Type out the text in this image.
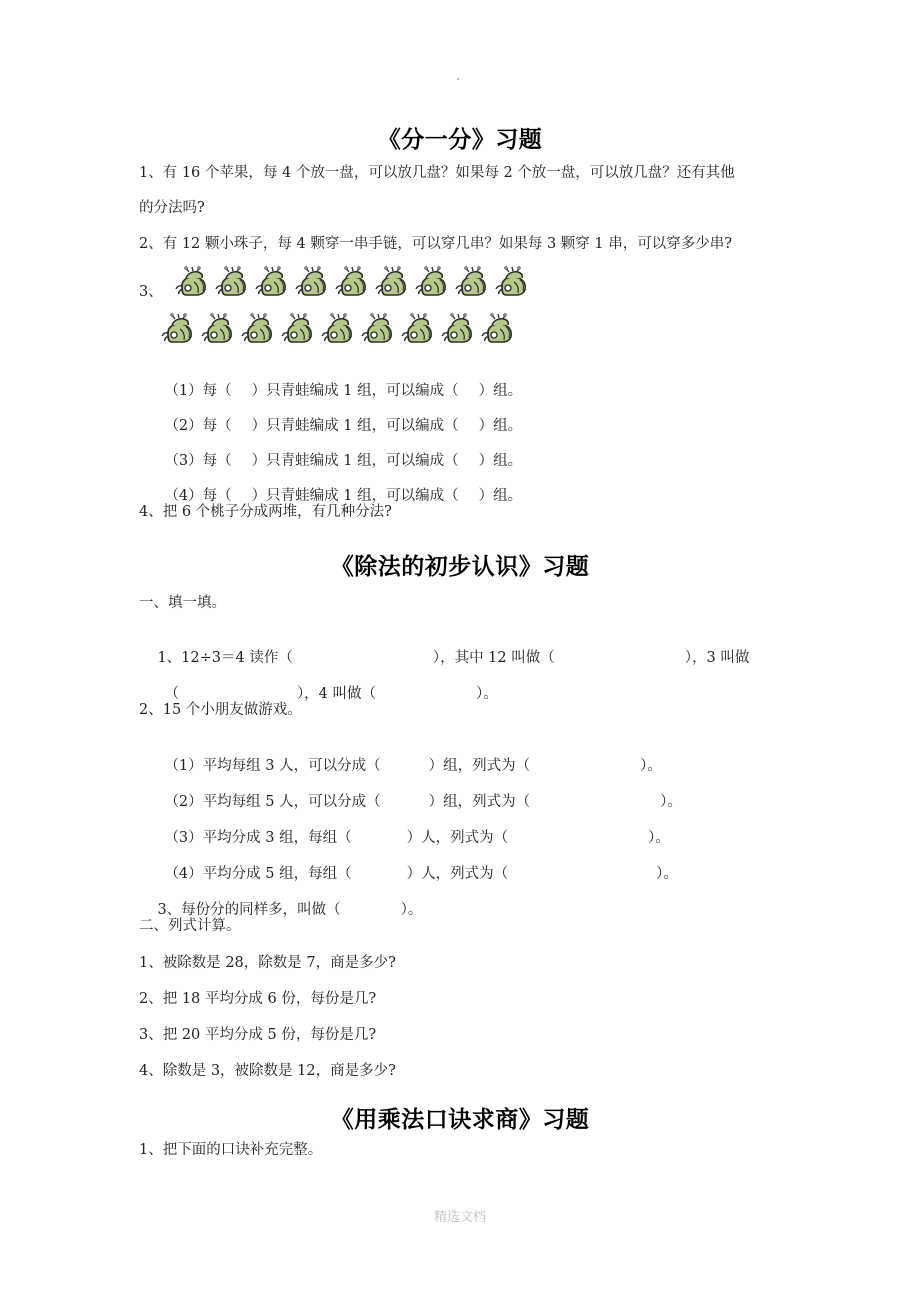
《分一分》习题
1、有 16 个苹果，每 4 个放一盘，可以放几盘？如果每 2 个放一盘，可以放几盘？还有其他
的分法吗?
2、有 12 颗小珠子，每 4 颗穿一串手链，可以穿几串？如果每 3 颗穿 1 串，可以穿多少串?
3、

（1）每（ ）只青蛙编成 1 组，可以编成（ ）组。

（2）每（ ）只青蛙编成 1 组，可以编成（ ）组。

（3）每（ ）只青蛙编成 1 组，可以编成（ ）组。

（4）每（ ）只青蛙编成 1 组，可以编成（ ）组。

4、把 6 个桃子分成两堆，有几种分法?
《除法的初步认识》习题
一、填一填。

1、12÷3＝4 读作（	），其中 12 叫做（	），3 叫做

（	），4 叫做（	）。

2、15 个小朋友做游戏。

（1）平均每组 3 人，可以分成（	）组，列式为（	）。

（2）平均每组 5 人，可以分成（	）组，列式为（	）。

（3）平均分成 3 组，每组（	）人，列式为（	）。

（4）平均分成 5 组，每组（	）人，列式为（	）。

3、每份分的同样多，叫做（	）。

二、列式计算。
1、被除数是 28，除数是 7，商是多少?
2、把 18 平均分成 6 份，每份是几?
3、把 20 平均分成 5 份，每份是几?
4、除数是 3，被除数是 12，商是多少?
《用乘法口诀求商》习题
1、把下面的口诀补充完整。
精选文档
